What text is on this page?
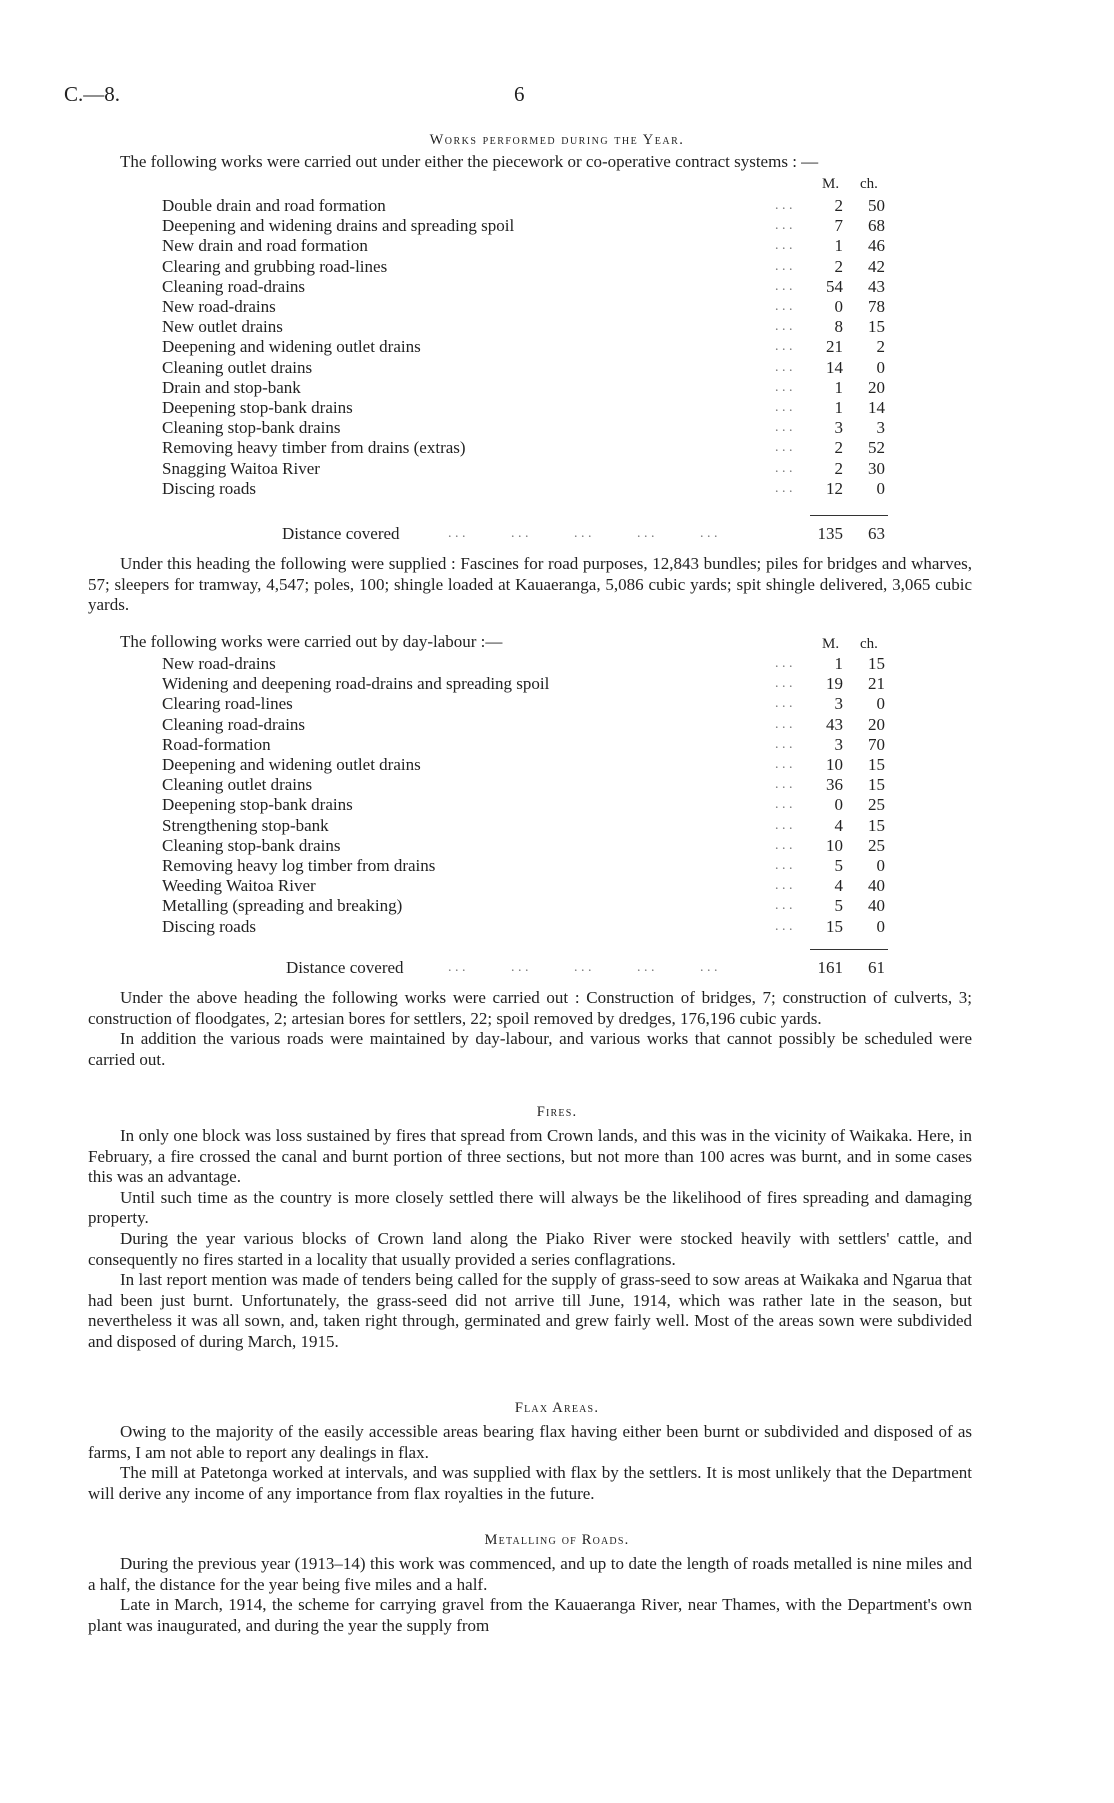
C.—8.	6
Works performed during the Year.
The following works were carried out under either the piecework or co-operative contract systems : —
M. ch.
Double drain and road formation	. . .	2	50
Deepening and widening drains and spreading spoil	. . .	7	68
New drain and road formation	. . .	1	46
Clearing and grubbing road-lines	. . .	2	42
Cleaning road-drains	. . .	54	43
New road-drains	. . .	0	78
New outlet drains	. . .	8	15
Deepening and widening outlet drains	. . .	21	2
Cleaning outlet drains	. . .	14	0
Drain and stop-bank	. . .	1	20
Deepening stop-bank drains	. . .	1	14
Cleaning stop-bank drains	. . .	3	3
Removing heavy timber from drains (extras)	. . .	2	52
Snagging Waitoa River	. . .	2	30
Discing roads	. . .	12	0
Distance covered	. . .             . . .             . . .             . . .             . . .	135	63

Under this heading the following were supplied : Fascines for road purposes, 12,843 bundles; piles for bridges and wharves, 57; sleepers for tramway, 4,547; poles, 100; shingle loaded at Kauaeranga, 5,086 cubic yards; spit shingle delivered, 3,065 cubic yards.

The following works were carried out by day-labour :—	M. ch.
New road-drains	. . .	1	15
Widening and deepening road-drains and spreading spoil	. . .	19	21
Clearing road-lines	. . .	3	0
Cleaning road-drains	. . .	43	20
Road-formation	. . .	3	70
Deepening and widening outlet drains	. . .	10	15
Cleaning outlet drains	. . .	36	15
Deepening stop-bank drains	. . .	0	25
Strengthening stop-bank	. . .	4	15
Cleaning stop-bank drains	. . .	10	25
Removing heavy log timber from drains	. . .	5	0
Weeding Waitoa River	. . .	4	40
Metalling (spreading and breaking)	. . .	5	40
Discing roads	. . .	15	0
Distance covered	. . .             . . .             . . .             . . .             . . .	161	61

Under the above heading the following works were carried out : Construction of bridges, 7; construction of culverts, 3; construction of floodgates, 2; artesian bores for settlers, 22; spoil removed by dredges, 176,196 cubic yards.

In addition the various roads were maintained by day-labour, and various works that cannot possibly be scheduled were carried out.

Fires.

In only one block was loss sustained by fires that spread from Crown lands, and this was in the vicinity of Waikaka. Here, in February, a fire crossed the canal and burnt portion of three sections, but not more than 100 acres was burnt, and in some cases this was an advantage.

Until such time as the country is more closely settled there will always be the likelihood of fires spreading and damaging property.

During the year various blocks of Crown land along the Piako River were stocked heavily with settlers' cattle, and consequently no fires started in a locality that usually provided a series conflagrations.

In last report mention was made of tenders being called for the supply of grass-seed to sow areas at Waikaka and Ngarua that had been just burnt. Unfortunately, the grass-seed did not arrive till June, 1914, which was rather late in the season, but nevertheless it was all sown, and, taken right through, germinated and grew fairly well. Most of the areas sown were subdivided and disposed of during March, 1915.

Flax Areas.

Owing to the majority of the easily accessible areas bearing flax having either been burnt or subdivided and disposed of as farms, I am not able to report any dealings in flax.

The mill at Patetonga worked at intervals, and was supplied with flax by the settlers. It is most unlikely that the Department will derive any income of any importance from flax royalties in the future.

Metalling of Roads.

During the previous year (1913–14) this work was commenced, and up to date the length of roads metalled is nine miles and a half, the distance for the year being five miles and a half.

Late in March, 1914, the scheme for carrying gravel from the Kauaeranga River, near Thames, with the Department's own plant was inaugurated, and during the year the supply from
